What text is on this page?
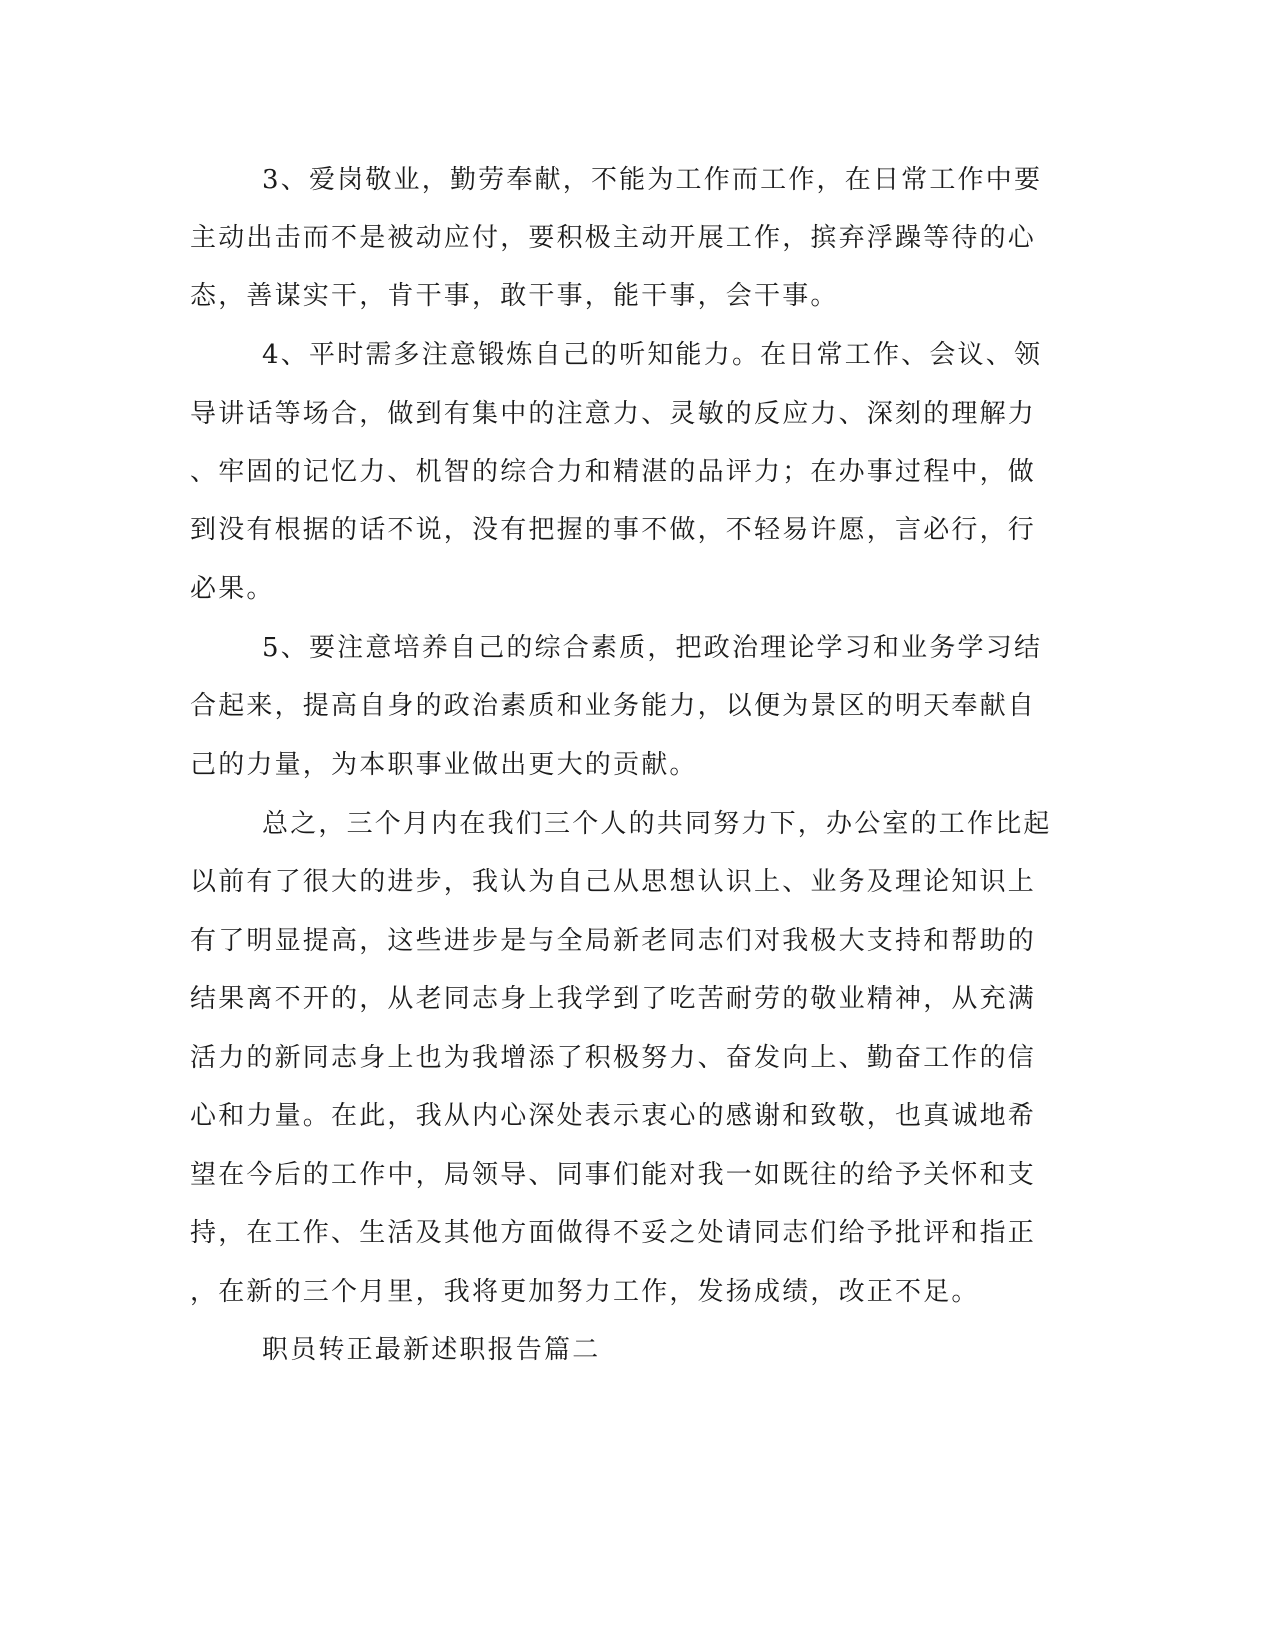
3、爱岗敬业，勤劳奉献，不能为工作而工作，在日常工作中要
主动出击而不是被动应付，要积极主动开展工作，摈弃浮躁等待的心
态，善谋实干，肯干事，敢干事，能干事，会干事。
4、平时需多注意锻炼自己的听知能力。在日常工作、会议、领
导讲话等场合，做到有集中的注意力、灵敏的反应力、深刻的理解力
、牢固的记忆力、机智的综合力和精湛的品评力；在办事过程中，做
到没有根据的话不说，没有把握的事不做，不轻易许愿，言必行，行
必果。
5、要注意培养自己的综合素质，把政治理论学习和业务学习结
合起来，提高自身的政治素质和业务能力，以便为景区的明天奉献自
己的力量，为本职事业做出更大的贡献。
总之，三个月内在我们三个人的共同努力下，办公室的工作比起
以前有了很大的进步，我认为自己从思想认识上、业务及理论知识上
有了明显提高，这些进步是与全局新老同志们对我极大支持和帮助的
结果离不开的，从老同志身上我学到了吃苦耐劳的敬业精神，从充满
活力的新同志身上也为我增添了积极努力、奋发向上、勤奋工作的信
心和力量。在此，我从内心深处表示衷心的感谢和致敬，也真诚地希
望在今后的工作中，局领导、同事们能对我一如既往的给予关怀和支
持，在工作、生活及其他方面做得不妥之处请同志们给予批评和指正
，在新的三个月里，我将更加努力工作，发扬成绩，改正不足。
职员转正最新述职报告篇二
